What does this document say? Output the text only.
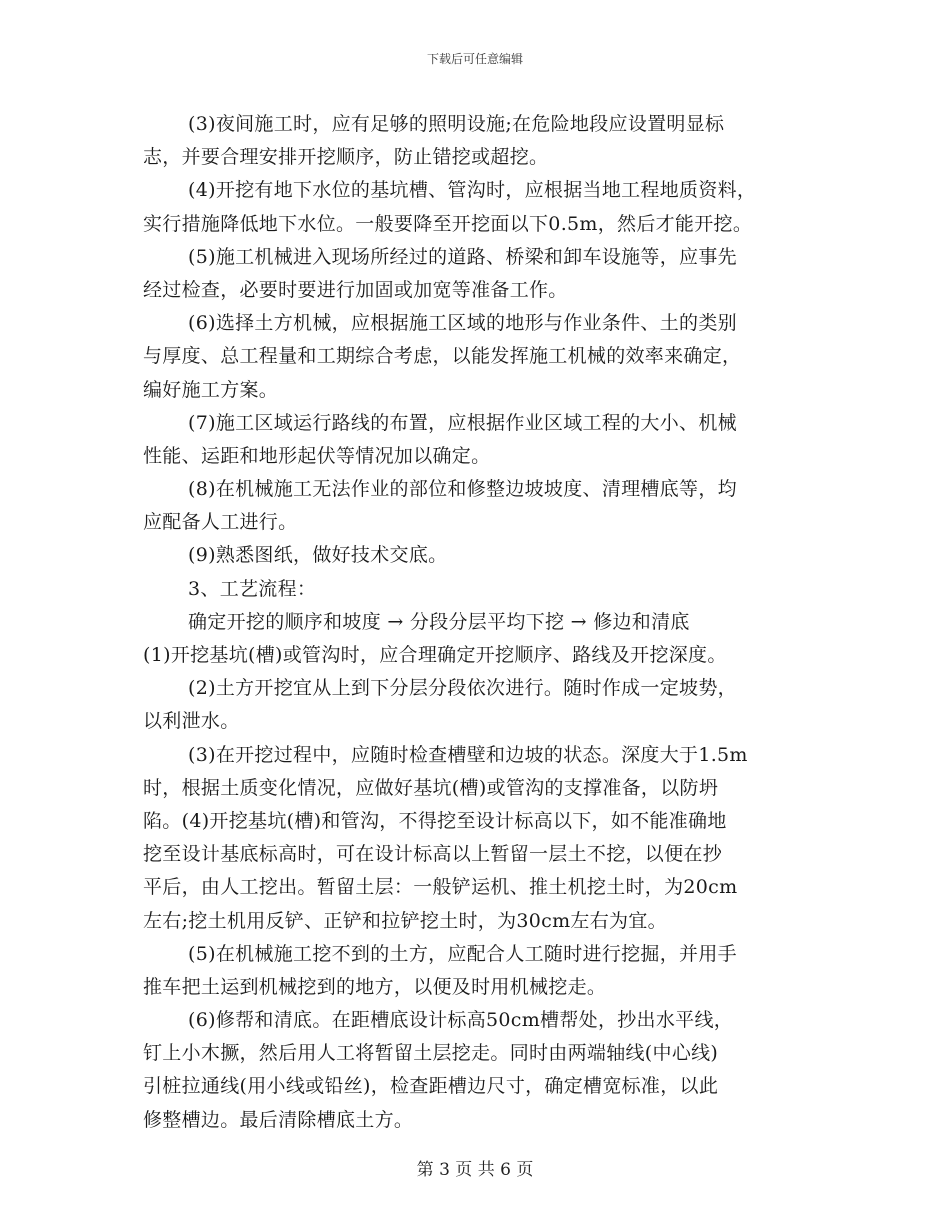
下载后可任意编辑
(3)夜间施工时，应有足够的照明设施;在危险地段应设置明显标
志，并要合理安排开挖顺序，防止错挖或超挖。
(4)开挖有地下水位的基坑槽、管沟时，应根据当地工程地质资料，
实行措施降低地下水位。一般要降至开挖面以下0.5m，然后才能开挖。
(5)施工机械进入现场所经过的道路、桥梁和卸车设施等，应事先
经过检查，必要时要进行加固或加宽等准备工作。
(6)选择土方机械，应根据施工区域的地形与作业条件、土的类别
与厚度、总工程量和工期综合考虑，以能发挥施工机械的效率来确定，
编好施工方案。
(7)施工区域运行路线的布置，应根据作业区域工程的大小、机械
性能、运距和地形起伏等情况加以确定。
(8)在机械施工无法作业的部位和修整边坡坡度、清理槽底等，均
应配备人工进行。
(9)熟悉图纸，做好技术交底。
3、工艺流程：
确定开挖的顺序和坡度 → 分段分层平均下挖 → 修边和清底
(1)开挖基坑(槽)或管沟时，应合理确定开挖顺序、路线及开挖深度。
(2)土方开挖宜从上到下分层分段依次进行。随时作成一定坡势，
以利泄水。
(3)在开挖过程中，应随时检查槽壁和边坡的状态。深度大于1.5m
时，根据土质变化情况，应做好基坑(槽)或管沟的支撑准备，以防坍
陷。(4)开挖基坑(槽)和管沟，不得挖至设计标高以下，如不能准确地
挖至设计基底标高时，可在设计标高以上暂留一层土不挖，以便在抄
平后，由人工挖出。暂留土层：一般铲运机、推土机挖土时，为20cm
左右;挖土机用反铲、正铲和拉铲挖土时，为30cm左右为宜。
(5)在机械施工挖不到的土方，应配合人工随时进行挖掘，并用手
推车把土运到机械挖到的地方，以便及时用机械挖走。
(6)修帮和清底。在距槽底设计标高50cm槽帮处，抄出水平线，
钉上小木撅，然后用人工将暂留土层挖走。同时由两端轴线(中心线)
引桩拉通线(用小线或铅丝)，检查距槽边尺寸，确定槽宽标准，以此
修整槽边。最后清除槽底土方。
第 3 页 共 6 页
